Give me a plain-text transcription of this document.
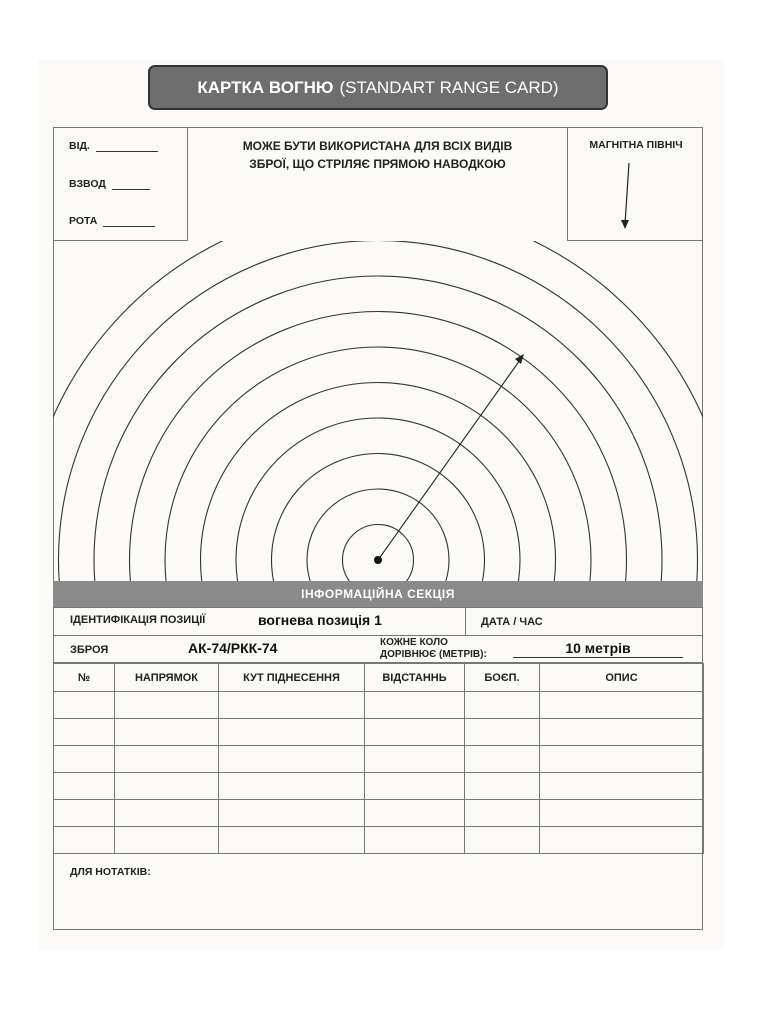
КАРТКА ВОГНЮ (STANDART RANGE CARD)
ВІД.
ВЗВОД
РОТА
МОЖЕ БУТИ ВИКОРИСТАНА ДЛЯ ВСІХ ВИДІВ
ЗБРОЇ, ЩО СТРІЛЯЄ ПРЯМОЮ НАВОДКОЮ
МАГНІТНА ПІВНІЧ
ІНФОРМАЦІЙНА СЕКЦІЯ
ІДЕНТИФІКАЦІЯ ПОЗИЦІЇ	вогнева позиція 1	ДАТА / ЧАС
ЗБРОЯ	АК-74/РКК-74	КОЖНЕ КОЛО
ДОРІВНЮЄ (МЕТРІВ):	10 метрів
№	НАПРЯМОК	КУТ ПІДНЕСЕННЯ	ВІДСТАННЬ	БОЄП.	ОПИС

ДЛЯ НОТАТКІВ:
